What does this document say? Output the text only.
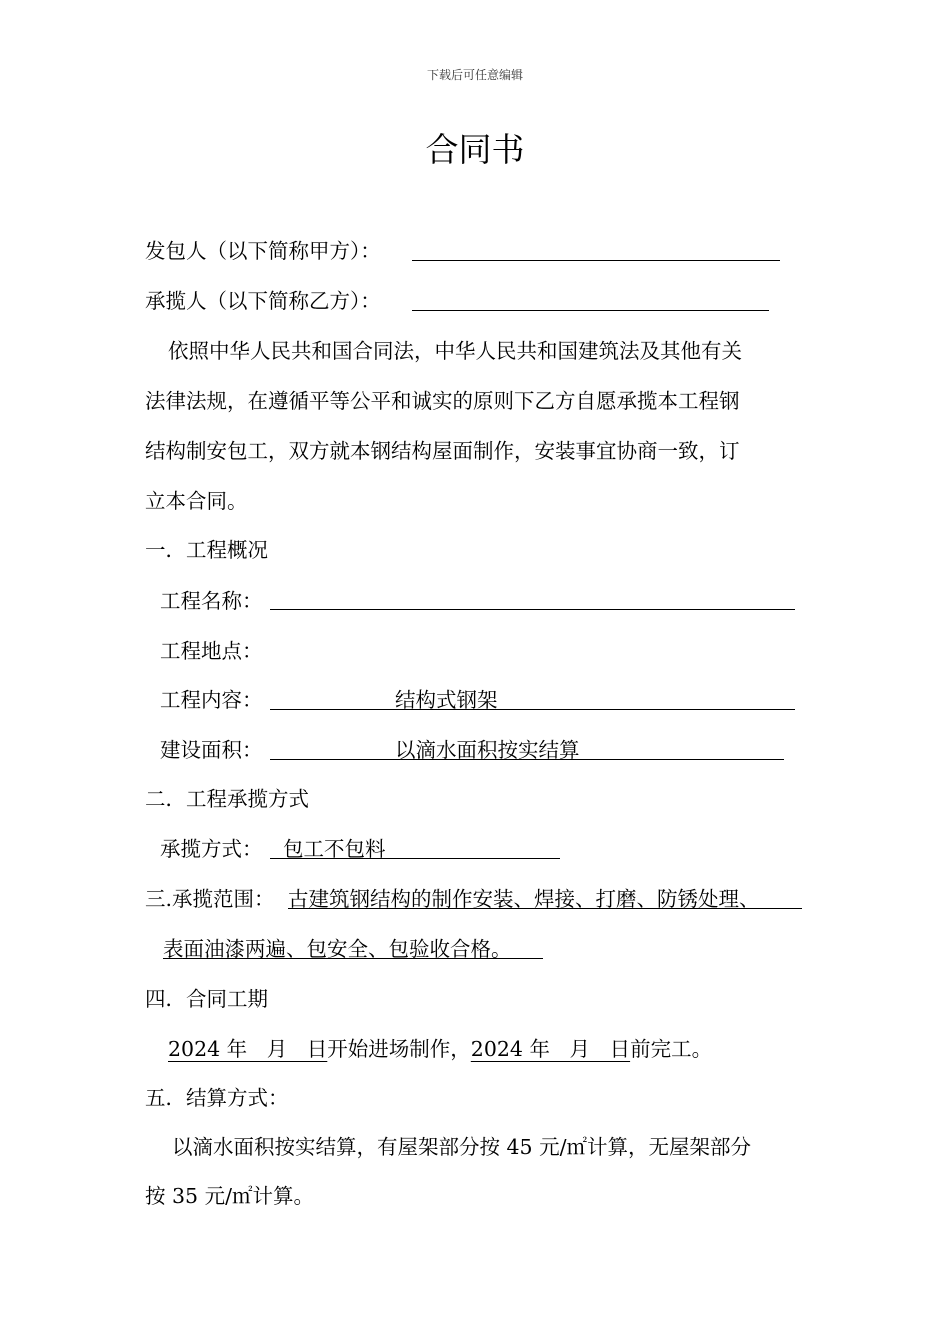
下载后可任意编辑
合同书
发包人（以下简称甲方）：
承揽人（以下简称乙方）：
依照中华人民共和国合同法，中华人民共和国建筑法及其他有关
法律法规，在遵循平等公平和诚实的原则下乙方自愿承揽本工程钢
结构制安包工，双方就本钢结构屋面制作，安装事宜协商一致，订
立本合同。
一．工程概况
工程名称：
工程地点：
工程内容：	结构式钢架
建设面积：	以滴水面积按实结算
二．工程承揽方式
承揽方式： 包工不包料
三.承揽范围： 古建筑钢结构的制作安装、焊接、打磨、防锈处理、
表面油漆两遍、包安全、包验收合格。
四．合同工期
2024 年   月   日开始进场制作，2024 年   月   日前完工。
五．结算方式：
以滴水面积按实结算，有屋架部分按 45 元/㎡计算，无屋架部分
按 35 元/㎡计算。
